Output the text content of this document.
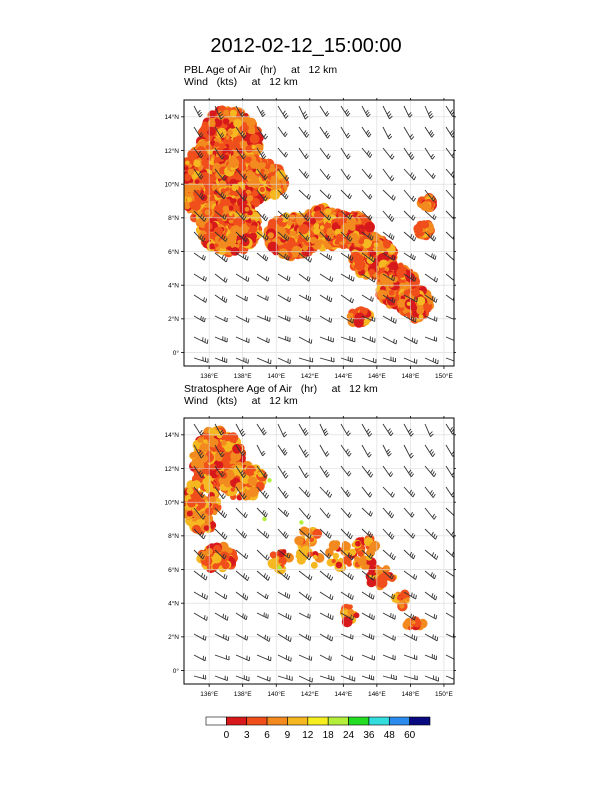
2012-02-12_15:00:00
PBL Age of Air   (hr)     at   12 km
Wind   (kts)     at   12 km
136°E 138°E 140°E 142°E 144°E 146°E 148°E 150°E
14°N
12°N
10°N
8°N
6°N
4°N
2°N
0°
Stratosphere Age of Air   (hr)     at   12 km
Wind   (kts)     at   12 km
136°E 138°E 140°E 142°E 144°E 146°E 148°E 150°E
14°N
12°N
10°N
8°N
6°N
4°N
2°N
0°
0 3 6 9 12 18 24 36 48 60
